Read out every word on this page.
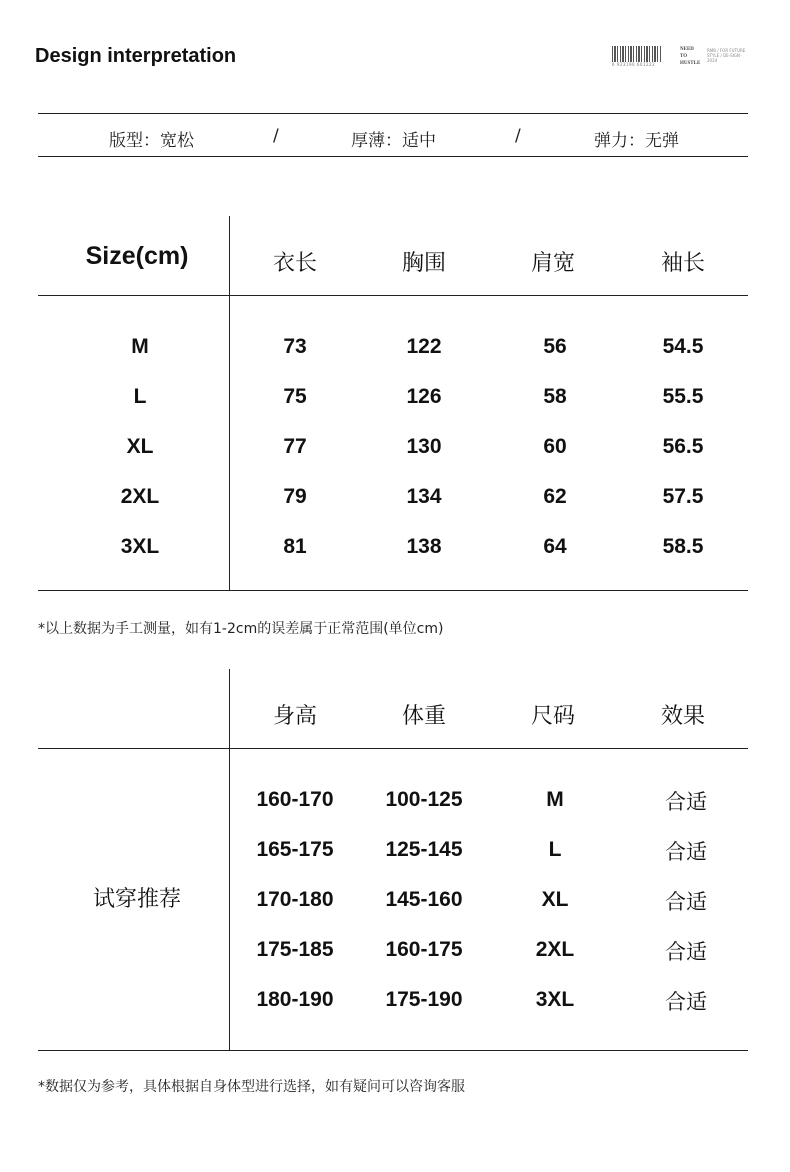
Design interpretation	6 923190 601222
NEED
TO
HUSTLE
RMB / FOR FUTURE STYLE / DE-SIGN · 2024
版型：宽松	/	厚薄：适中	/	弹力：无弹
Size(cm)	衣长	胸围	肩宽	袖长
M	73	122	56	54.5
L	75	126	58	55.5
XL	77	130	60	56.5
2XL	79	134	62	57.5
3XL	81	138	64	58.5
*以上数据为手工测量，如有1-2cm的误差属于正常范围(单位cm)
身高	体重	尺码	效果
试穿推荐
160-170	100-125	M	合适
165-175	125-145	L	合适
170-180	145-160	XL	合适
175-185	160-175	2XL	合适
180-190	175-190	3XL	合适
*数据仅为参考，具体根据自身体型进行选择，如有疑问可以咨询客服
